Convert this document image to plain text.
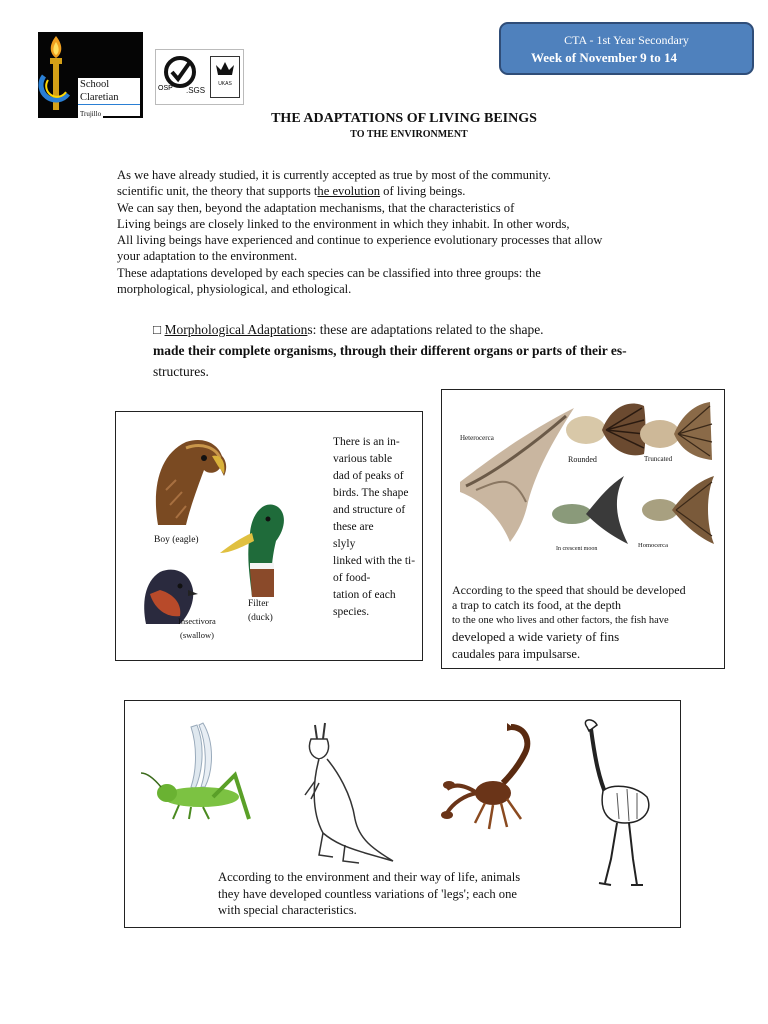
School
Claretian
Trujillo
OSP .SGS
UKAS
CTA - 1st Year Secondary
Week of November 9 to 14
THE ADAPTATIONS OF LIVING BEINGS
TO THE ENVIRONMENT

As we have already studied, it is currently accepted as true by most of the community.

scientific unit, the theory that supports the evolution of living beings.

We can say then, beyond the adaptation mechanisms, that the characteristics of

Living beings are closely linked to the environment in which they inhabit. In other words,

All living beings have experienced and continue to experience evolutionary processes that allow

your adaptation to the environment.

These adaptations developed by each species can be classified into three groups: the

morphological, physiological, and ethological.

□ Morphological Adaptations: these are adaptations related to the shape.

made their complete organisms, through their different organs or parts of their es-

structures.

Boy (eagle)
Filter
(duck)
Insectivora
(swallow)

There is an in-

various table

dad of peaks of

birds. The shape

and structure of

these are

slyly

linked with the ti-

of food-

tation of each

species.

Heterocerca
Rounded	Truncated
In crescent moon	Homocerca

According to the speed that should be developed

a trap to catch its food, at the depth

to the one who lives and other factors, the fish have

developed a wide variety of fins

caudales para impulsarse.

According to the environment and their way of life, animals

they have developed countless variations of 'legs'; each one

with special characteristics.
